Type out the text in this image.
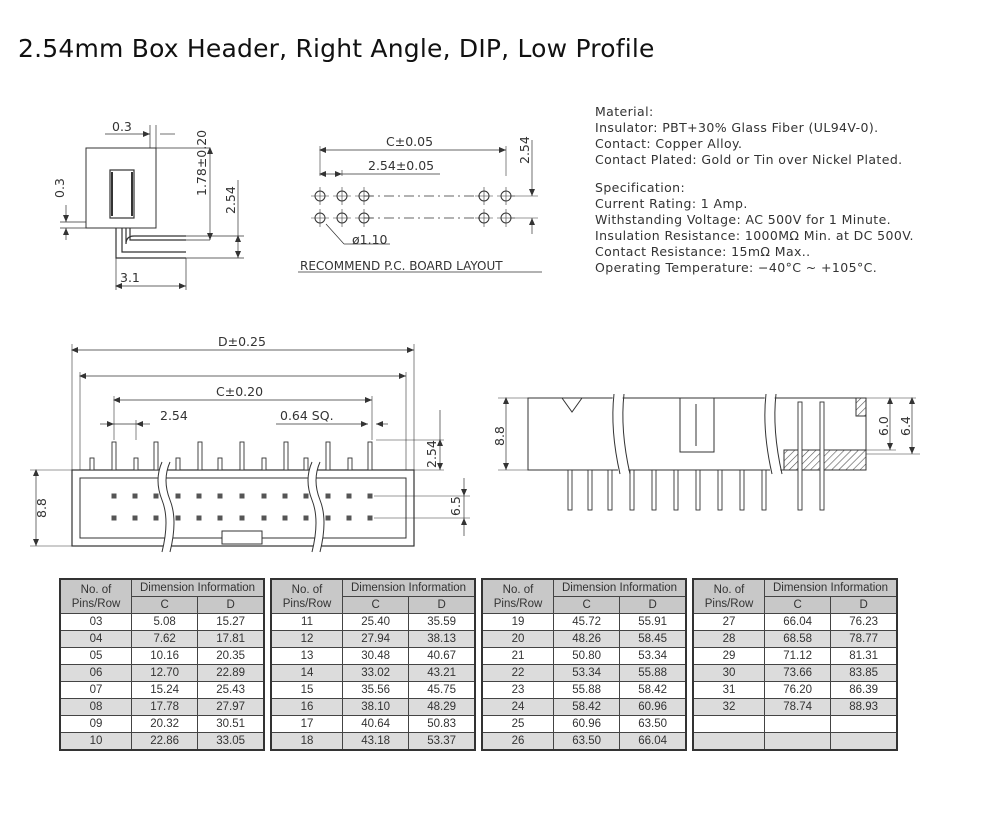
2.54mm Box Header, Right Angle, DIP, Low Profile
Material:
Insulator: PBT+30% Glass Fiber (UL94V-0).
Contact: Copper Alloy.
Contact Plated: Gold or Tin over Nickel Plated.
Specification:
Current Rating: 1 Amp.
Withstanding Voltage: AC 500V for 1 Minute.
Insulation Resistance: 1000MΩ Min. at DC 500V.
Contact Resistance: 15mΩ Max..
Operating Temperature: −40°C ~ +105°C.
0.3
0.3	1.78±0.20
2.54
3.1
C±0.05
2.54±0.05
2.54
ø1.10
RECOMMEND P.C. BOARD LAYOUT
D±0.25
C±0.20
2.54	0.64 SQ.
2.54
8.8	6.5
8.8
6.0 6.4
No. of
Pins/Row	Dimension Information	
	C	D
03	5.08	15.27
04	7.62	17.81
05	10.16	20.35
06	12.70	22.89
07	15.24	25.43
08	17.78	27.97
09	20.32	30.51
10	22.86	33.05
No. of
Pins/Row	Dimension Information	
	C	D
11	25.40	35.59
12	27.94	38.13
13	30.48	40.67
14	33.02	43.21
15	35.56	45.75
16	38.10	48.29
17	40.64	50.83
18	43.18	53.37
No. of
Pins/Row	Dimension Information	
	C	D
19	45.72	55.91
20	48.26	58.45
21	50.80	53.34
22	53.34	55.88
23	55.88	58.42
24	58.42	60.96
25	60.96	63.50
26	63.50	66.04
No. of
Pins/Row	Dimension Information	
	C	D
27	66.04	76.23
28	68.58	78.77
29	71.12	81.31
30	73.66	83.85
31	76.20	86.39
32	78.74	88.93
